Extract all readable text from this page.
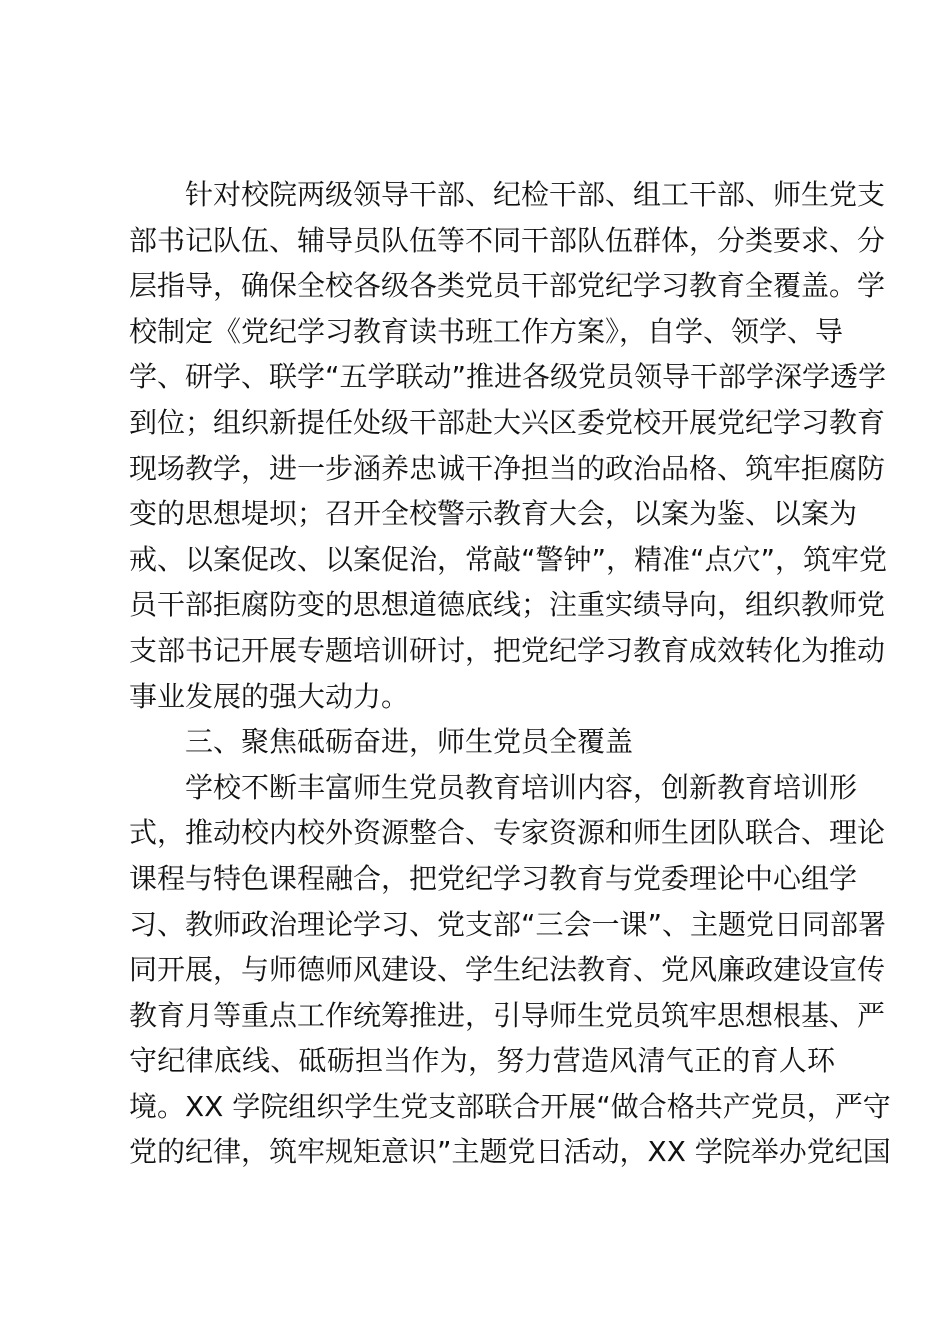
针对校院两级领导干部、纪检干部、组工干部、师生党支
部书记队伍、辅导员队伍等不同干部队伍群体，分类要求、分
层指导，确保全校各级各类党员干部党纪学习教育全覆盖。学
校制定《党纪学习教育读书班工作方案》，自学、领学、导
学、研学、联学“五学联动”推进各级党员领导干部学深学透学
到位；组织新提任处级干部赴大兴区委党校开展党纪学习教育
现场教学，进一步涵养忠诚干净担当的政治品格、筑牢拒腐防
变的思想堤坝；召开全校警示教育大会，以案为鉴、以案为
戒、以案促改、以案促治，常敲“警钟”，精准“点穴”，筑牢党
员干部拒腐防变的思想道德底线；注重实绩导向，组织教师党
支部书记开展专题培训研讨，把党纪学习教育成效转化为推动
事业发展的强大动力。
三、聚焦砥砺奋进，师生党员全覆盖
学校不断丰富师生党员教育培训内容，创新教育培训形
式，推动校内校外资源整合、专家资源和师生团队联合、理论
课程与特色课程融合，把党纪学习教育与党委理论中心组学
习、教师政治理论学习、党支部“三会一课”、主题党日同部署
同开展，与师德师风建设、学生纪法教育、党风廉政建设宣传
教育月等重点工作统筹推进，引导师生党员筑牢思想根基、严
守纪律底线、砥砺担当作为，努力营造风清气正的育人环
境。XX 学院组织学生党支部联合开展“做合格共产党员，严守
党的纪律，筑牢规矩意识”主题党日活动，XX 学院举办党纪国
